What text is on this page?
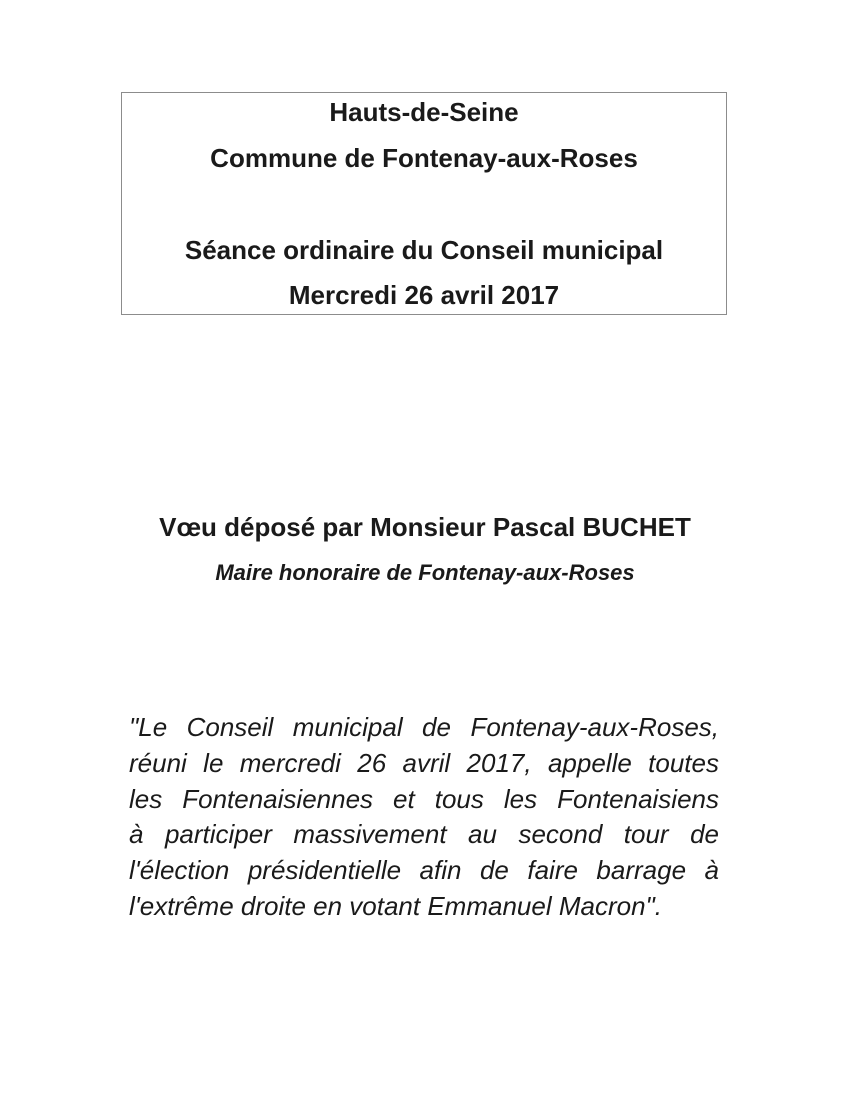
Hauts-de-Seine
Commune de Fontenay-aux-Roses
Séance ordinaire du Conseil municipal
Mercredi 26 avril 2017
Vœu déposé par Monsieur Pascal BUCHET
Maire honoraire de Fontenay-aux-Roses
"Le Conseil municipal de Fontenay-aux-Roses,
réuni le mercredi 26 avril 2017, appelle toutes
les Fontenaisiennes et tous les Fontenaisiens
à participer massivement au second tour de
l'élection présidentielle afin de faire barrage à
l'extrême droite en votant Emmanuel Macron".
